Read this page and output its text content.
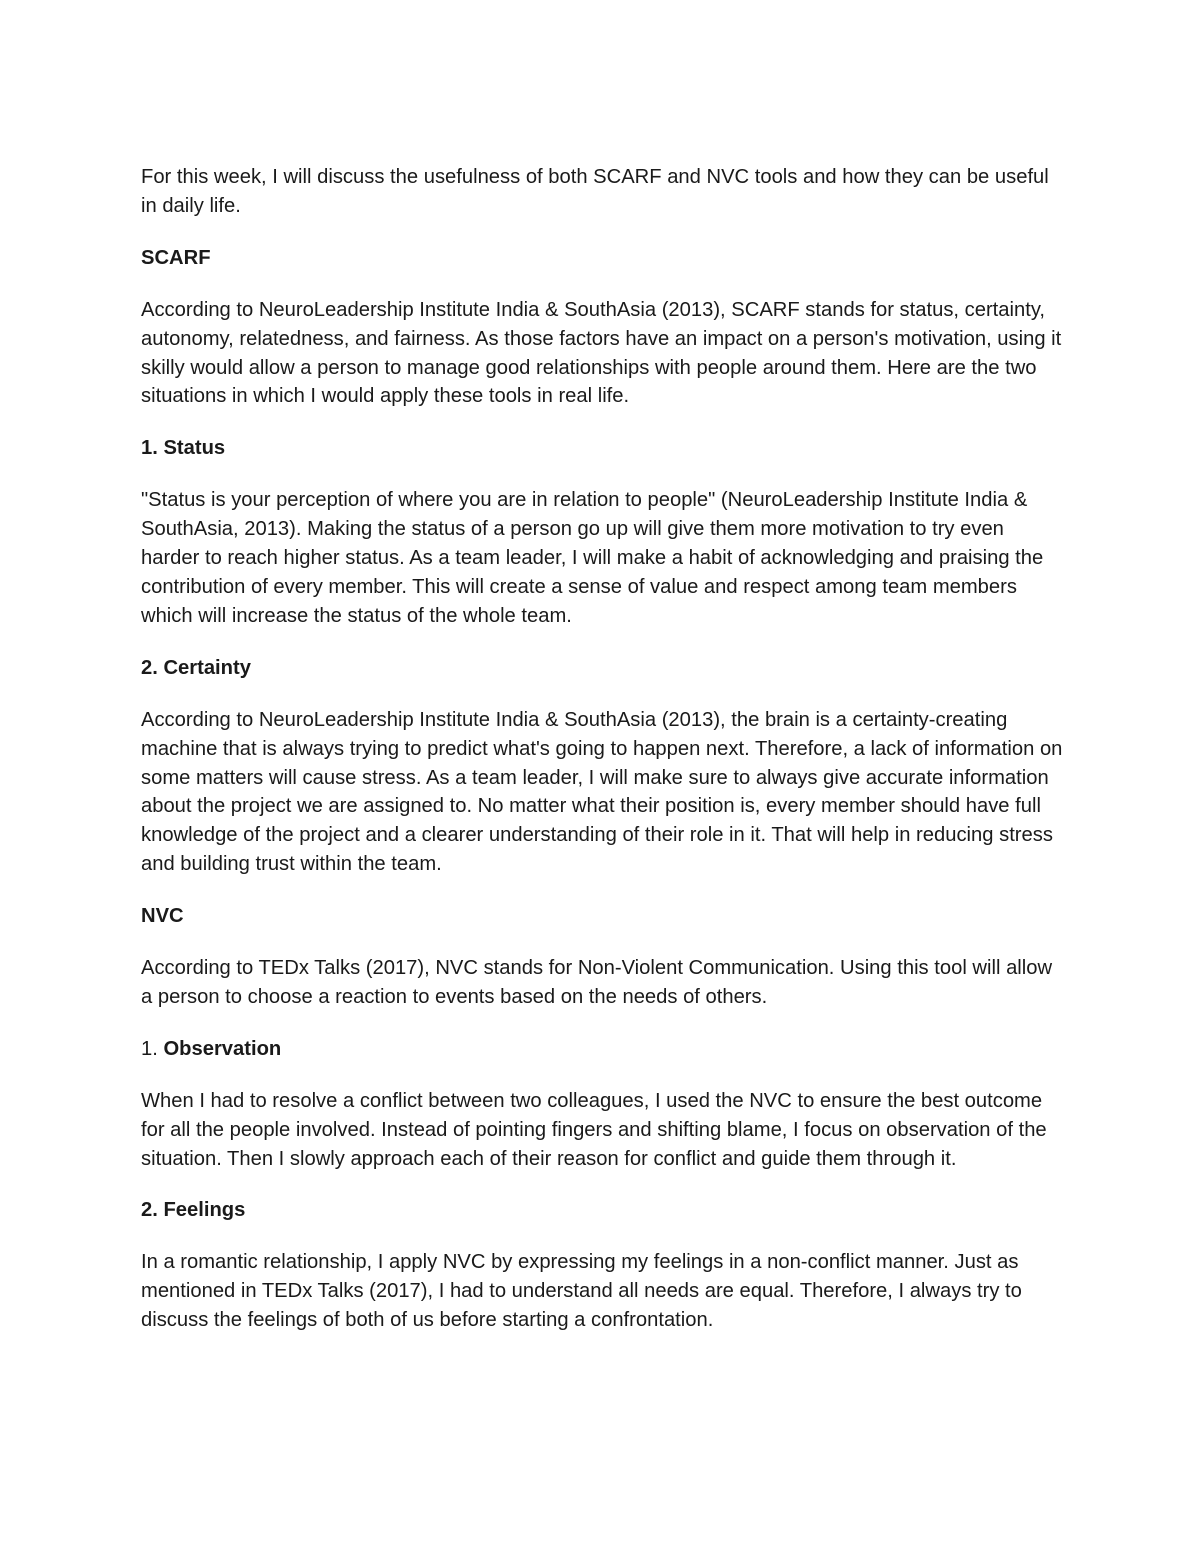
For this week, I will discuss the usefulness of both SCARF and NVC tools and how they can be useful in daily life.

SCARF

According to NeuroLeadership Institute India & SouthAsia (2013), SCARF stands for status, certainty, autonomy, relatedness, and fairness. As those factors have an impact on a person's motivation, using it skilly would allow a person to manage good relationships with people around them. Here are the two situations in which I would apply these tools in real life.

1. Status

"Status is your perception of where you are in relation to people" (NeuroLeadership Institute India & SouthAsia, 2013). Making the status of a person go up will give them more motivation to try even harder to reach higher status. As a team leader, I will make a habit of acknowledging and praising the contribution of every member. This will create a sense of value and respect among team members which will increase the status of the whole team.

2. Certainty

According to NeuroLeadership Institute India & SouthAsia (2013), the brain is a certainty-creating machine that is always trying to predict what's going to happen next. Therefore, a lack of information on some matters will cause stress. As a team leader, I will make sure to always give accurate information about the project we are assigned to. No matter what their position is, every member should have full knowledge of the project and a clearer understanding of their role in it. That will help in reducing stress and building trust within the team.

NVC

According to TEDx Talks (2017), NVC stands for Non-Violent Communication. Using this tool will allow a person to choose a reaction to events based on the needs of others.

1. Observation

When I had to resolve a conflict between two colleagues, I used the NVC to ensure the best outcome for all the people involved. Instead of pointing fingers and shifting blame, I focus on observation of the situation. Then I slowly approach each of their reason for conflict and guide them through it.

2. Feelings

In a romantic relationship, I apply NVC by expressing my feelings in a non-conflict manner. Just as mentioned in TEDx Talks (2017), I had to understand all needs are equal. Therefore, I always try to discuss the feelings of both of us before starting a confrontation.
